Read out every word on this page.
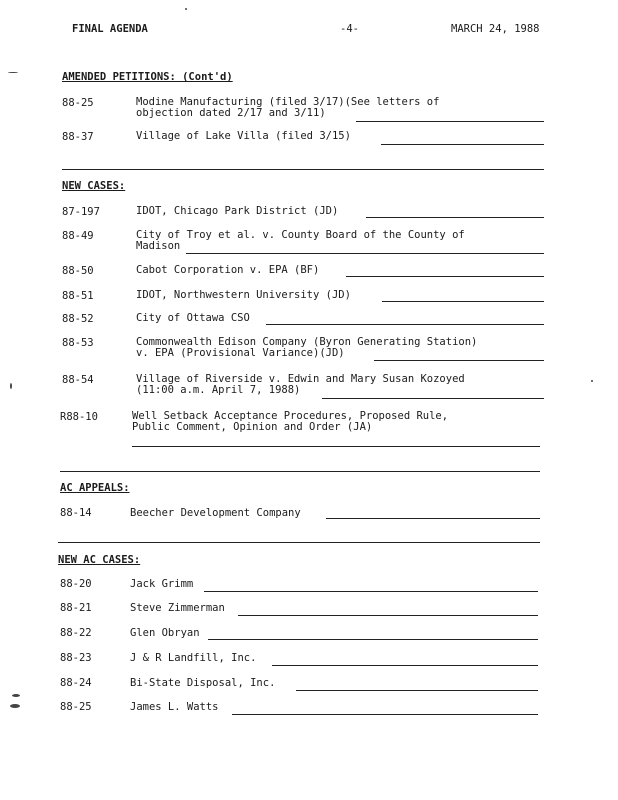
FINAL AGENDA	-4-	MARCH 24, 1988
AMENDED PETITIONS: (Cont'd)
88-25	Modine Manufacturing (filed 3/17)(See letters of
objection dated 2/17 and 3/11)
88-37	Village of Lake Villa (filed 3/15)
NEW CASES:
87-197	IDOT, Chicago Park District (JD)
88-49	City of Troy et al. v. County Board of the County of
Madison
88-50	Cabot Corporation v. EPA (BF)
88-51	IDOT, Northwestern University (JD)
88-52	City of Ottawa CSO
88-53	Commonwealth Edison Company (Byron Generating Station)
v. EPA (Provisional Variance)(JD)
88-54	Village of Riverside v. Edwin and Mary Susan Kozoyed
(11:00 a.m. April 7, 1988)
R88-10	Well Setback Acceptance Procedures, Proposed Rule,
Public Comment, Opinion and Order (JA)
AC APPEALS:
88-14	Beecher Development Company
NEW AC CASES:
88-20	Jack Grimm
88-21	Steve Zimmerman
88-22	Glen Obryan
88-23	J & R Landfill, Inc.
88-24	Bi-State Disposal, Inc.
88-25	James L. Watts
